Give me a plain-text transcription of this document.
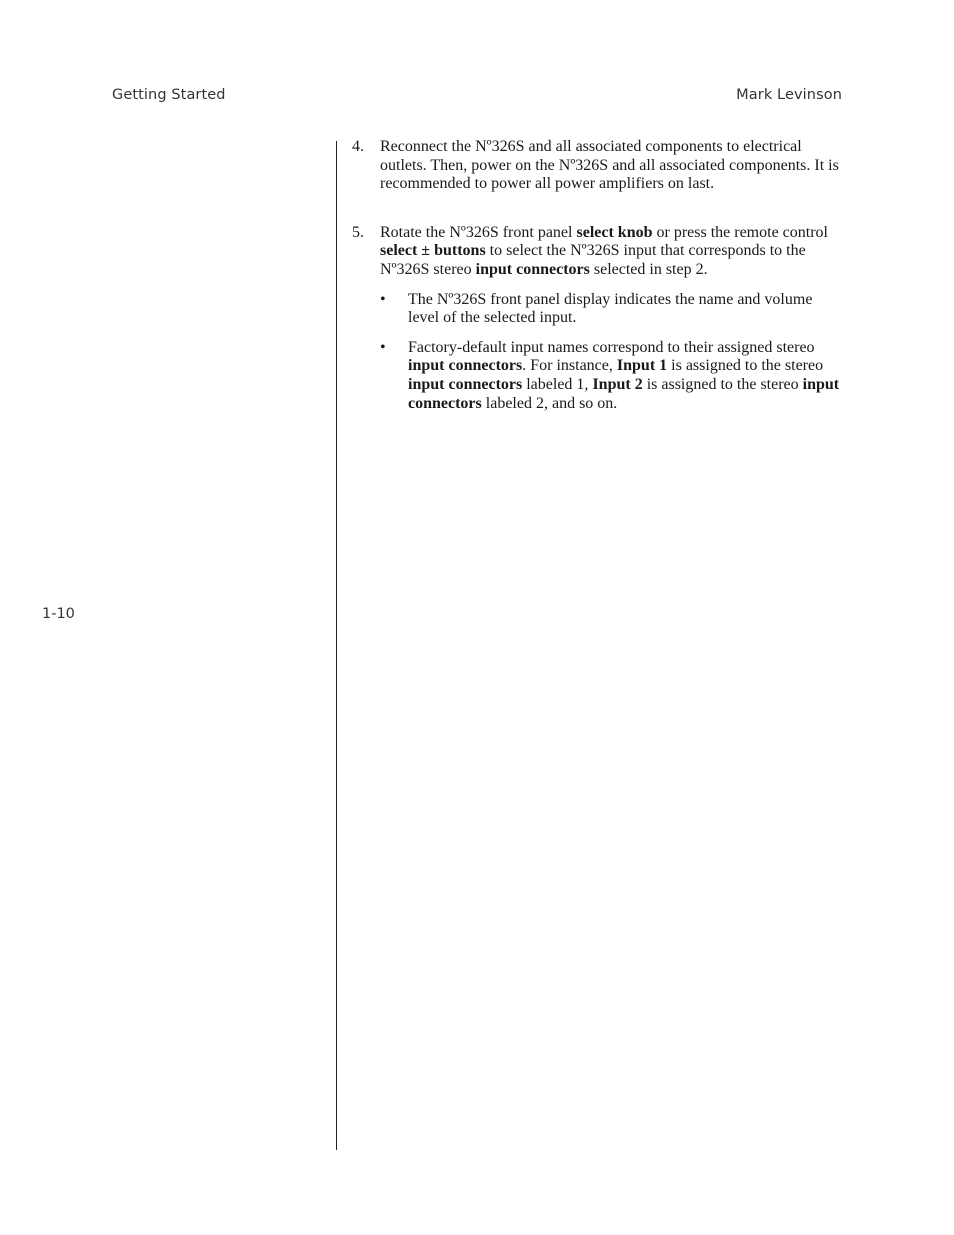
Getting Started	Mark Levinson
1-10
4.	Reconnect the Nº326S and all associated components to electrical outlets. Then, power on the Nº326S and all associated components. It is recommended to power all power amplifiers on last.
5.	Rotate the Nº326S front panel select knob or press the remote control select ± buttons to select the Nº326S input that corresponds to the Nº326S stereo input connectors selected in step 2.
•	The Nº326S front panel display indicates the name and volume level of the selected input.
•	Factory-default input names correspond to their assigned stereo input connectors. For instance, Input 1 is assigned to the stereo input connectors labeled 1, Input 2 is assigned to the stereo input connectors labeled 2, and so on.
